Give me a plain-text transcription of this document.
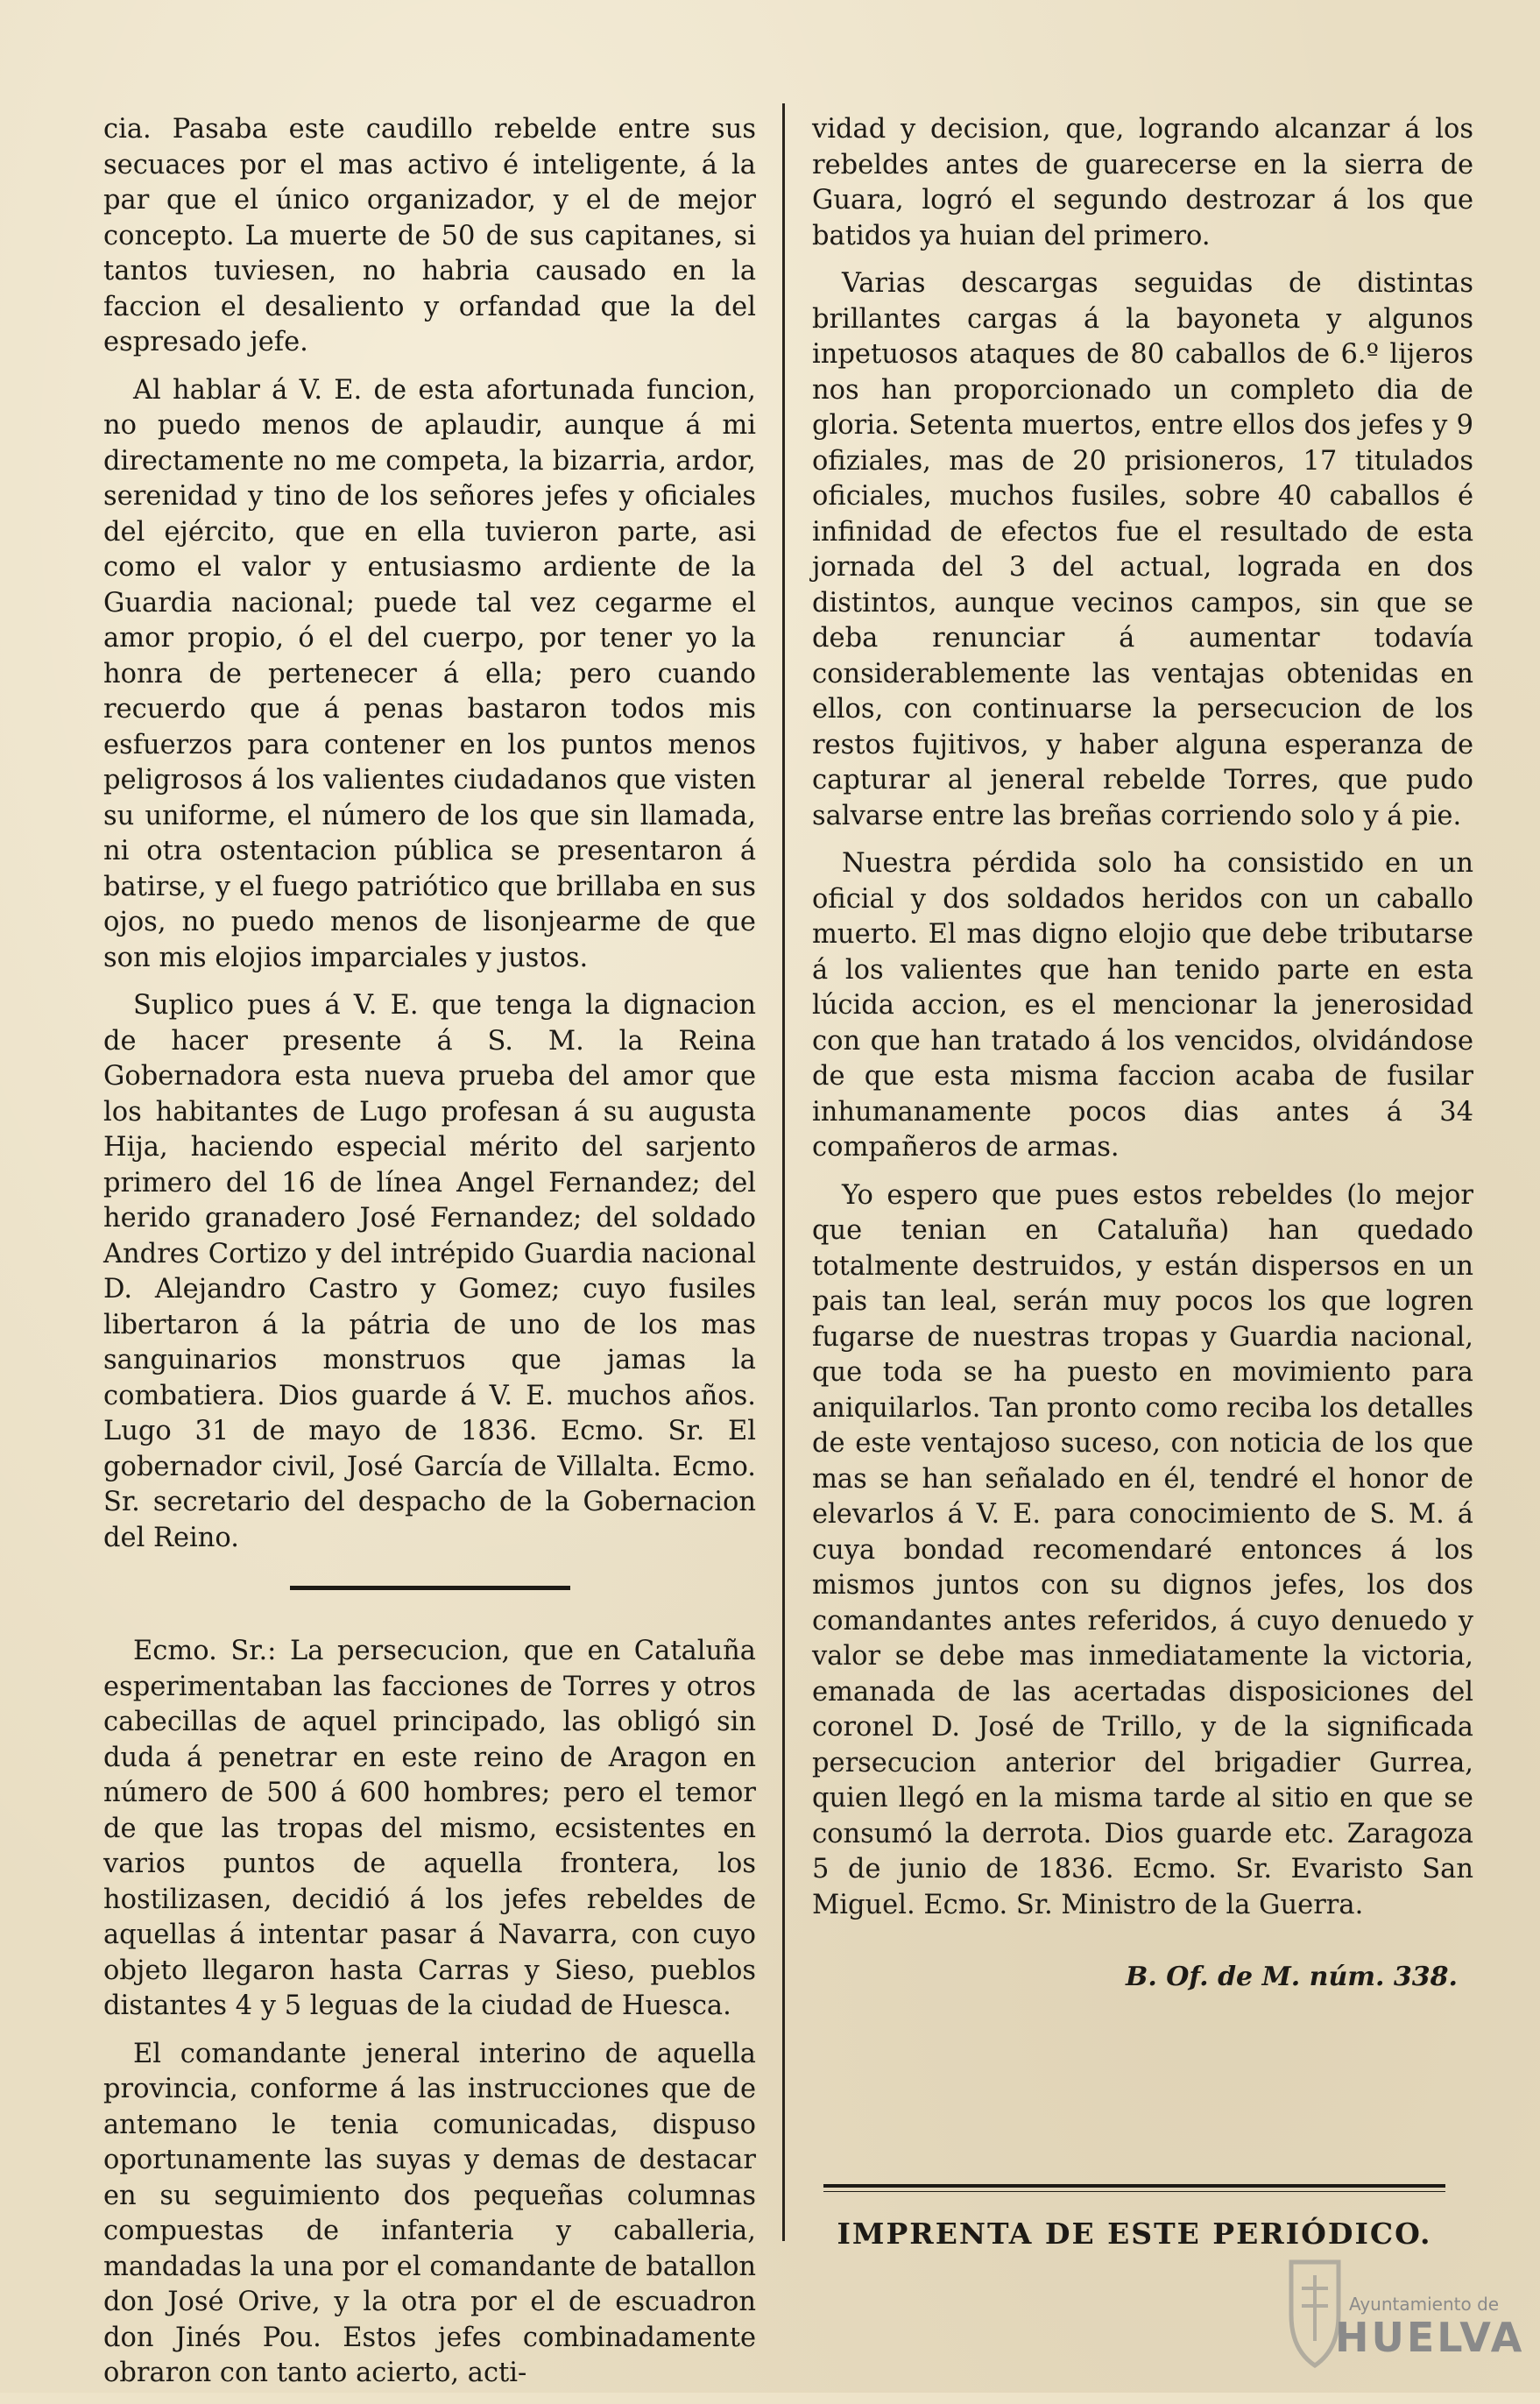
cia. Pasaba este caudillo rebelde entre sus secuaces por el mas activo é inteligente, á la par que el único organizador, y el de mejor concepto. La muerte de 50 de sus capitanes, si tantos tuviesen, no habria causado en la faccion el desaliento y orfandad que la del espresado jefe.

Al hablar á V. E. de esta afortunada funcion, no puedo menos de aplaudir, aunque á mi directamente no me competa, la bizarria, ardor, serenidad y tino de los señores jefes y oficiales del ejército, que en ella tuvieron parte, asi como el valor y entusiasmo ardiente de la Guardia nacional; puede tal vez cegarme el amor propio, ó el del cuerpo, por tener yo la honra de pertenecer á ella; pero cuando recuerdo que á penas bastaron todos mis esfuerzos para contener en los puntos menos peligrosos á los valientes ciudadanos que visten su uniforme, el número de los que sin llamada, ni otra ostentacion pública se presentaron á batirse, y el fuego patriótico que brillaba en sus ojos, no puedo menos de lisonjearme de que son mis elojios imparciales y justos.

Suplico pues á V. E. que tenga la dignacion de hacer presente á S. M. la Reina Gobernadora esta nueva prueba del amor que los habitantes de Lugo profesan á su augusta Hija, haciendo especial mérito del sarjento primero del 16 de línea Angel Fernandez; del herido granadero José Fernandez; del soldado Andres Cortizo y del intrépido Guardia nacional D. Alejandro Castro y Gomez; cuyo fusiles libertaron á la pátria de uno de los mas sanguinarios monstruos que jamas la combatiera. Dios guarde á V. E. muchos años. Lugo 31 de mayo de 1836. Ecmo. Sr. El gobernador civil, José García de Villalta. Ecmo. Sr. secretario del despacho de la Gobernacion del Reino.

Ecmo. Sr.: La persecucion, que en Cataluña esperimentaban las facciones de Torres y otros cabecillas de aquel principado, las obligó sin duda á penetrar en este reino de Aragon en número de 500 á 600 hombres; pero el temor de que las tropas del mismo, ecsistentes en varios puntos de aquella frontera, los hostilizasen, decidió á los jefes rebeldes de aquellas á intentar pasar á Navarra, con cuyo objeto llegaron hasta Carras y Sieso, pueblos distantes 4 y 5 leguas de la ciudad de Huesca.

El comandante jeneral interino de aquella provincia, conforme á las instrucciones que de antemano le tenia comunicadas, dispuso oportunamente las suyas y demas de destacar en su seguimiento dos pequeñas columnas compuestas de infanteria y caballeria, mandadas la una por el comandante de batallon don José Orive, y la otra por el de escuadron don Jinés Pou. Estos jefes combinadamente obraron con tanto acierto, acti-

vidad y decision, que, logrando alcanzar á los rebeldes antes de guarecerse en la sierra de Guara, logró el segundo destrozar á los que batidos ya huian del primero.

Varias descargas seguidas de distintas brillantes cargas á la bayoneta y algunos inpetuosos ataques de 80 caballos de 6.º lijeros nos han proporcionado un completo dia de gloria. Setenta muertos, entre ellos dos jefes y 9 ofiziales, mas de 20 prisioneros, 17 titulados oficiales, muchos fusiles, sobre 40 caballos é infinidad de efectos fue el resultado de esta jornada del 3 del actual, lograda en dos distintos, aunque vecinos campos, sin que se deba renunciar á aumentar todavía considerablemente las ventajas obtenidas en ellos, con continuarse la persecucion de los restos fujitivos, y haber alguna esperanza de capturar al jeneral rebelde Torres, que pudo salvarse entre las breñas corriendo solo y á pie.

Nuestra pérdida solo ha consistido en un oficial y dos soldados heridos con un caballo muerto. El mas digno elojio que debe tributarse á los valientes que han tenido parte en esta lúcida accion, es el mencionar la jenerosidad con que han tratado á los vencidos, olvidándose de que esta misma faccion acaba de fusilar inhumanamente pocos dias antes á 34 compañeros de armas.

Yo espero que pues estos rebeldes (lo mejor que tenian en Cataluña) han quedado totalmente destruidos, y están dispersos en un pais tan leal, serán muy pocos los que logren fugarse de nuestras tropas y Guardia nacional, que toda se ha puesto en movimiento para aniquilarlos. Tan pronto como reciba los detalles de este ventajoso suceso, con noticia de los que mas se han señalado en él, tendré el honor de elevarlos á V. E. para conocimiento de S. M. á cuya bondad recomendaré entonces á los mismos juntos con su dignos jefes, los dos comandantes antes referidos, á cuyo denuedo y valor se debe mas inmediatamente la victoria, emanada de las acertadas disposiciones del coronel D. José de Trillo, y de la significada persecucion anterior del brigadier Gurrea, quien llegó en la misma tarde al sitio en que se consumó la derrota. Dios guarde etc. Zaragoza 5 de junio de 1836. Ecmo. Sr. Evaristo San Miguel. Ecmo. Sr. Ministro de la Guerra.

B. Of. de M. núm. 338.
IMPRENTA DE ESTE PERIÓDICO.
Ayuntamiento de
HUELVA
